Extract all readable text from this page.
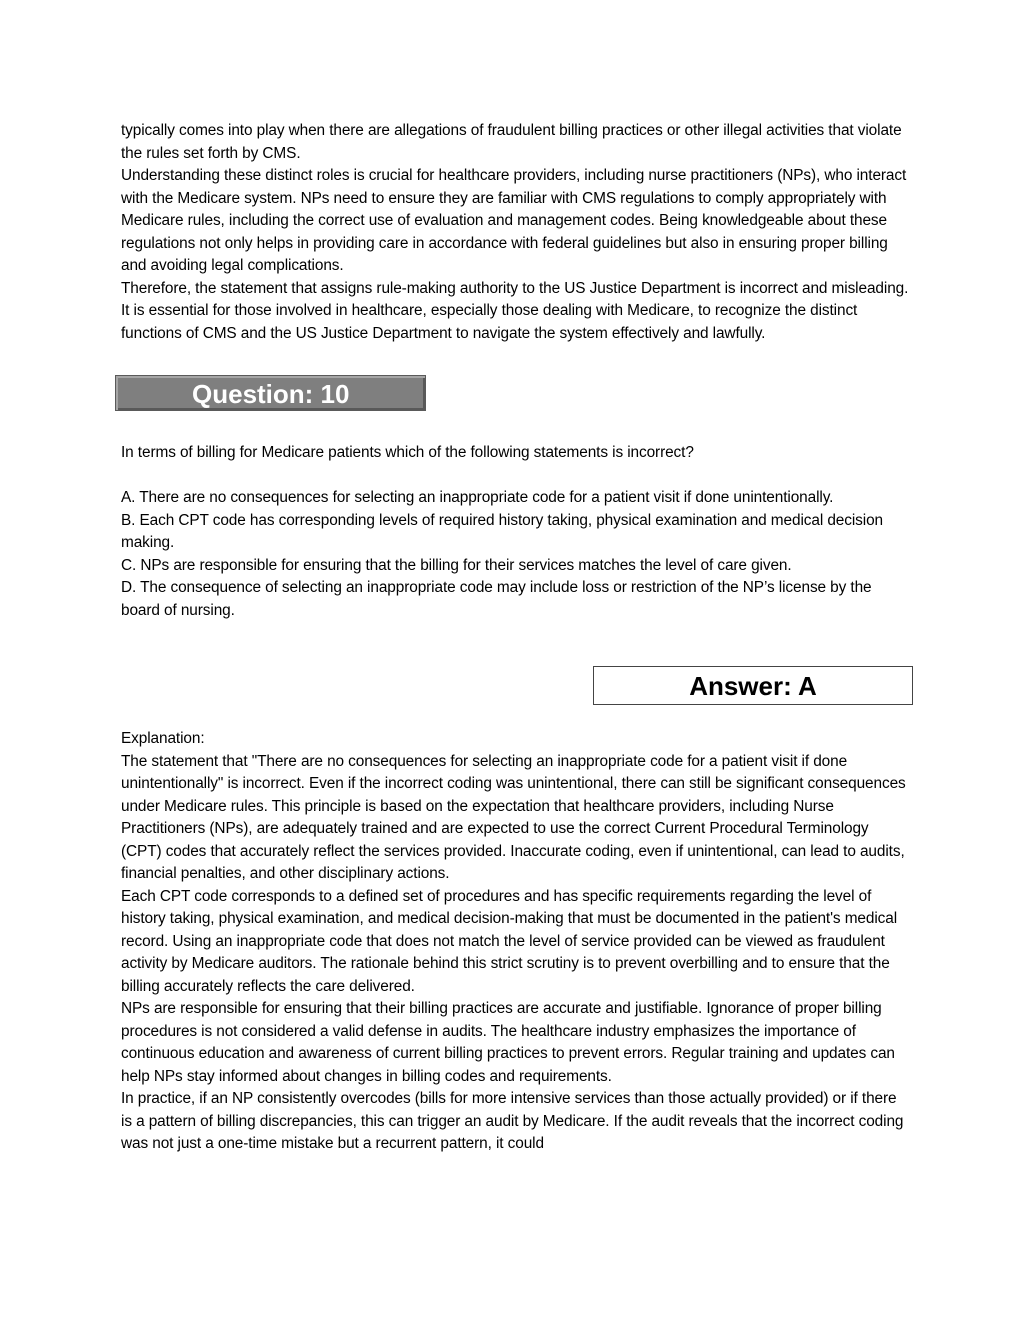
typically comes into play when there are allegations of fraudulent billing practices or other illegal activities that violate the rules set forth by CMS.

Understanding these distinct roles is crucial for healthcare providers, including nurse practitioners (NPs), who interact with the Medicare system. NPs need to ensure they are familiar with CMS regulations to comply appropriately with Medicare rules, including the correct use of evaluation and management codes. Being knowledgeable about these regulations not only helps in providing care in accordance with federal guidelines but also in ensuring proper billing and avoiding legal complications.

Therefore, the statement that assigns rule-making authority to the US Justice Department is incorrect and misleading. It is essential for those involved in healthcare, especially those dealing with Medicare, to recognize the distinct functions of CMS and the US Justice Department to navigate the system effectively and lawfully.

Question: 10

In terms of billing for Medicare patients which of the following statements is incorrect?

A. There are no consequences for selecting an inappropriate code for a patient visit if done unintentionally.

B. Each CPT code has corresponding levels of required history taking, physical examination and medical decision making.

C. NPs are responsible for ensuring that the billing for their services matches the level of care given.

D. The consequence of selecting an inappropriate code may include loss or restriction of the NP’s license by the board of nursing.

Answer: A

Explanation:

The statement that "There are no consequences for selecting an inappropriate code for a patient visit if done unintentionally" is incorrect. Even if the incorrect coding was unintentional, there can still be significant consequences under Medicare rules. This principle is based on the expectation that healthcare providers, including Nurse Practitioners (NPs), are adequately trained and are expected to use the correct Current Procedural Terminology (CPT) codes that accurately reflect the services provided. Inaccurate coding, even if unintentional, can lead to audits, financial penalties, and other disciplinary actions.

Each CPT code corresponds to a defined set of procedures and has specific requirements regarding the level of history taking, physical examination, and medical decision-making that must be documented in the patient's medical record. Using an inappropriate code that does not match the level of service provided can be viewed as fraudulent activity by Medicare auditors. The rationale behind this strict scrutiny is to prevent overbilling and to ensure that the billing accurately reflects the care delivered.

NPs are responsible for ensuring that their billing practices are accurate and justifiable. Ignorance of proper billing procedures is not considered a valid defense in audits. The healthcare industry emphasizes the importance of continuous education and awareness of current billing practices to prevent errors. Regular training and updates can help NPs stay informed about changes in billing codes and requirements.

In practice, if an NP consistently overcodes (bills for more intensive services than those actually provided) or if there is a pattern of billing discrepancies, this can trigger an audit by Medicare. If the audit reveals that the incorrect coding was not just a one-time mistake but a recurrent pattern, it could
